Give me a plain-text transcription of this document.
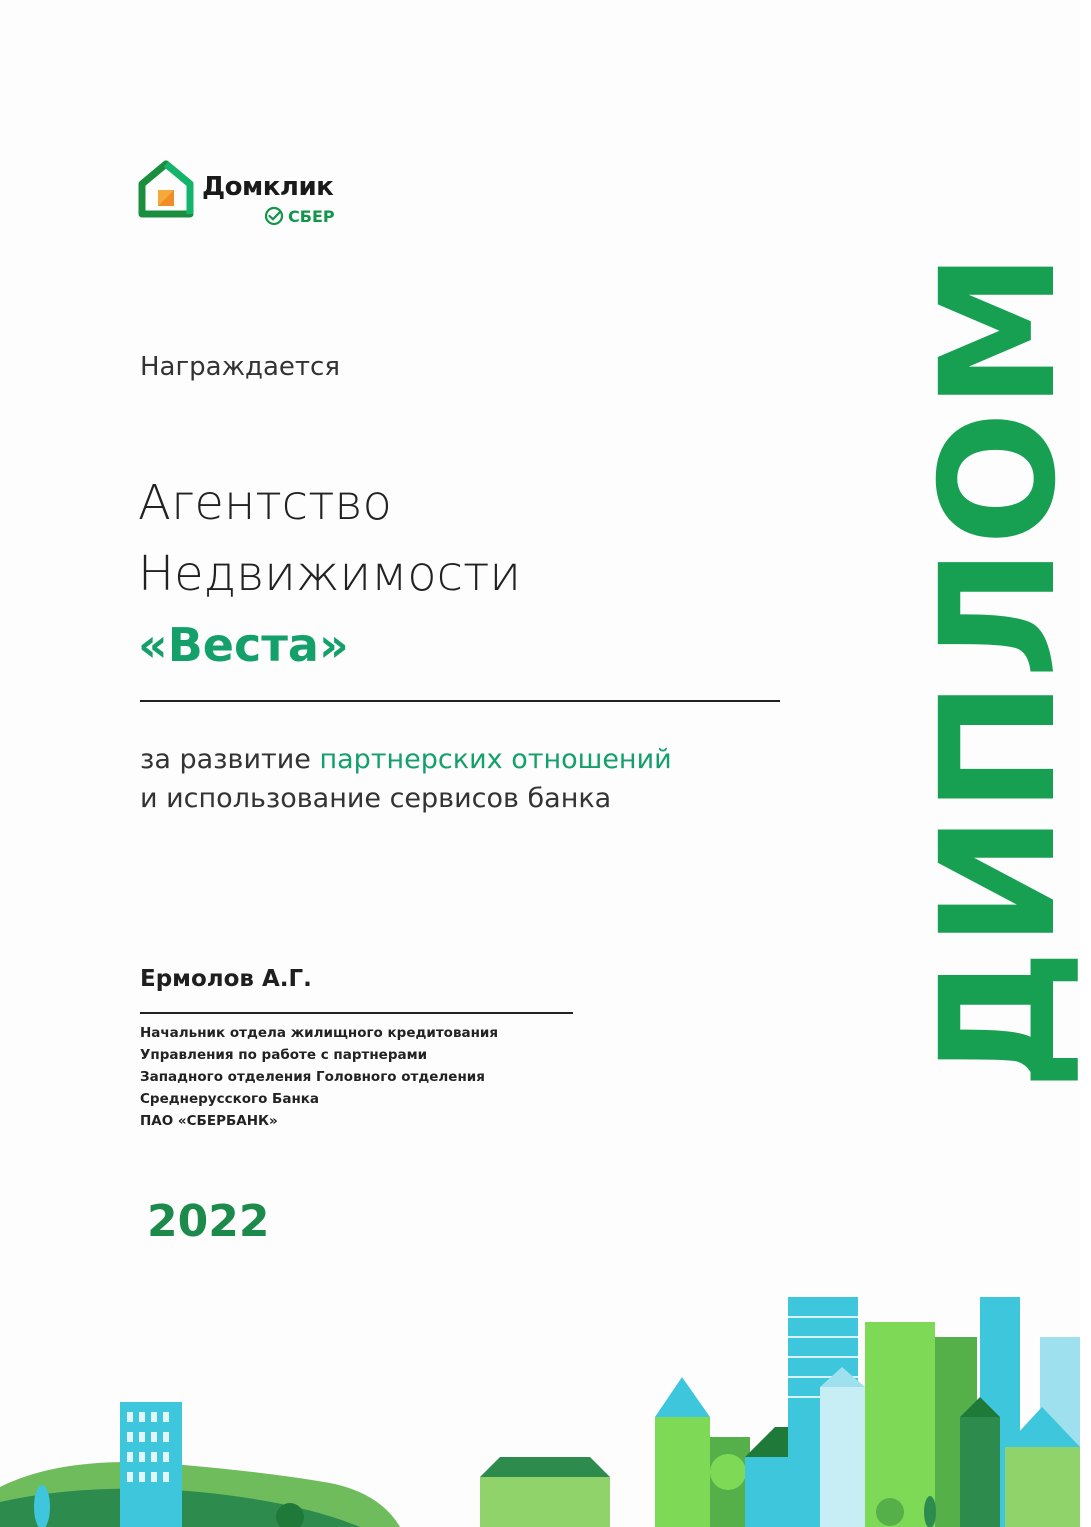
Домклик
СБЕР
Награждается
Агентство
Недвижимости
«Веста»
за развитие партнерских отношений
и использование сервисов банка
Ермолов А.Г.
Начальник отдела жилищного кредитования
Управления по работе с партнерами
Западного отделения Головного отделения
Среднерусского Банка
ПАО «СБЕРБАНК»
2022
ДИПЛОМ
